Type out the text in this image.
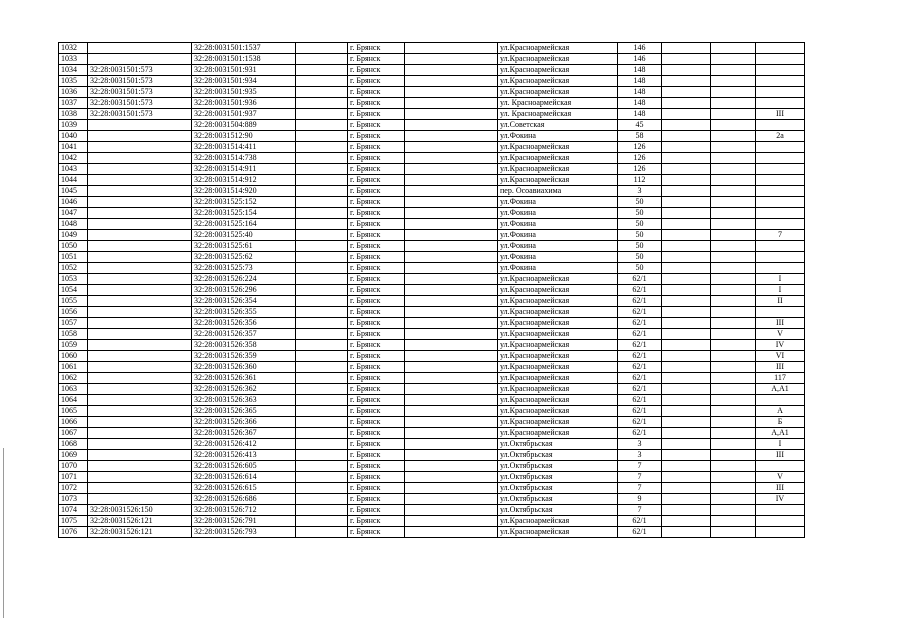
1032		32:28:0031501:1537		г. Брянск		ул.Красноармейская	146			
1033		32:28:0031501:1538		г. Брянск		ул.Красноармейская	146			
1034	32:28:0031501:573	32:28:0031501:931		г. Брянск		ул.Красноармейская	148			
1035	32:28:0031501:573	32:28:0031501:934		г. Брянск		ул.Красноармейская	148			
1036	32:28:0031501:573	32:28:0031501:935		г. Брянск		ул.Красноармейская	148			
1037	32:28:0031501:573	32:28:0031501:936		г. Брянск		ул. Красноармейская	148			
1038	32:28:0031501:573	32:28:0031501:937		г. Брянск		ул. Красноармейская	148			III
1039		32:28:0031504:889		г. Брянск		ул.Советская	45			
1040		32:28:0031512:90		г. Брянск		ул.Фокина	58			2а
1041		32:28:0031514:411		г. Брянск		ул.Красноармейская	126			
1042		32:28:0031514:738		г. Брянск		ул.Красноармейская	126			
1043		32:28:0031514:911		г. Брянск		ул.Красноармейская	126			
1044		32:28:0031514:912		г. Брянск		ул.Красноармейская	112			
1045		32:28:0031514:920		г. Брянск		пер. Осоавиахима	3			
1046		32:28:0031525:152		г. Брянск		ул.Фокина	50			
1047		32:28:0031525:154		г. Брянск		ул.Фокина	50			
1048		32:28:0031525:164		г. Брянск		ул.Фокина	50			
1049		32:28:0031525:40		г. Брянск		ул.Фокина	50			7
1050		32:28:0031525:61		г. Брянск		ул.Фокина	50			
1051		32:28:0031525:62		г. Брянск		ул.Фокина	50			
1052		32:28:0031525:73		г. Брянск		ул.Фокина	50			
1053		32:28:0031526:224		г. Брянск		ул.Красноармейская	62/1			I
1054		32:28:0031526:296		г. Брянск		ул.Красноармейская	62/1			I
1055		32:28:0031526:354		г. Брянск		ул.Красноармейская	62/1			II
1056		32:28:0031526:355		г. Брянск		ул.Красноармейская	62/1			
1057		32:28:0031526:356		г. Брянск		ул.Красноармейская	62/1			III
1058		32:28:0031526:357		г. Брянск		ул.Красноармейская	62/1			V
1059		32:28:0031526:358		г. Брянск		ул.Красноармейская	62/1			IV
1060		32:28:0031526:359		г. Брянск		ул.Красноармейская	62/1			VI
1061		32:28:0031526:360		г. Брянск		ул.Красноармейская	62/1			III
1062		32:28:0031526:361		г. Брянск		ул.Красноармейская	62/1			117
1063		32:28:0031526:362		г. Брянск		ул.Красноармейская	62/1			А,А1
1064		32:28:0031526:363		г. Брянск		ул.Красноармейская	62/1			
1065		32:28:0031526:365		г. Брянск		ул.Красноармейская	62/1			А
1066		32:28:0031526:366		г. Брянск		ул.Красноармейская	62/1			Б
1067		32:28:0031526:367		г. Брянск		ул.Красноармейская	62/1			А,А1
1068		32:28:0031526:412		г. Брянск		ул.Октябрьская	3			I
1069		32:28:0031526:413		г. Брянск		ул.Октябрьская	3			III
1070		32:28:0031526:605		г. Брянск		ул.Октябрьская	7			
1071		32:28:0031526:614		г. Брянск		ул.Октябрьская	7			V
1072		32:28:0031526:615		г. Брянск		ул.Октябрьская	7			III
1073		32:28:0031526:686		г. Брянск		ул.Октябрьская	9			IV
1074	32:28:0031526:150	32:28:0031526:712		г. Брянск		ул.Октябрьская	7			
1075	32:28:0031526:121	32:28:0031526:791		г. Брянск		ул.Красноармейская	62/1			
1076	32:28:0031526:121	32:28:0031526:793		г. Брянск		ул.Красноармейская	62/1			
